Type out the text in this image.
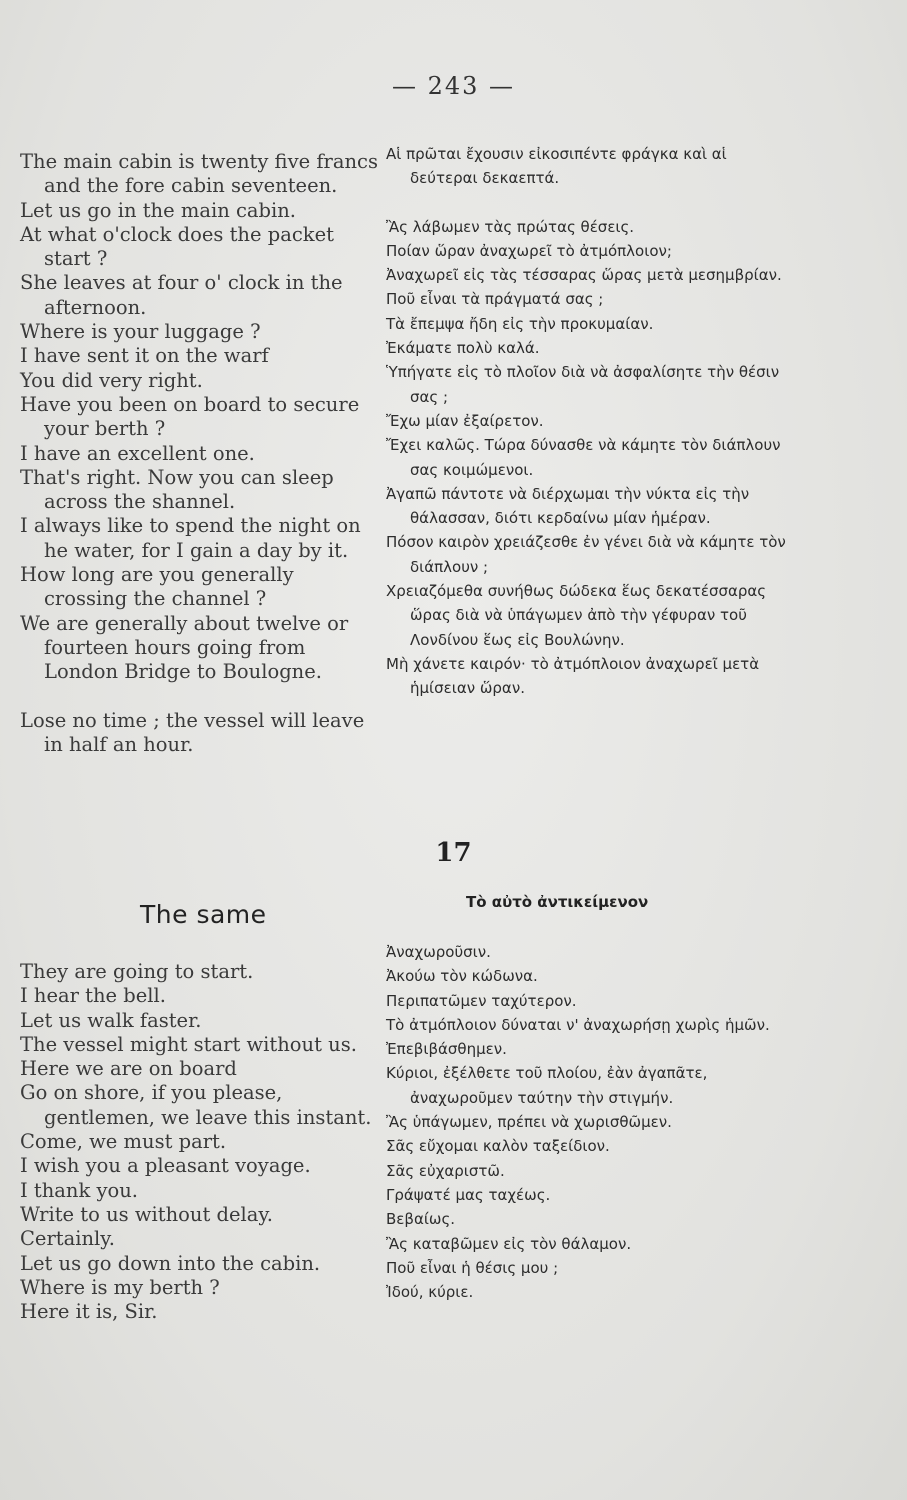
— 243 —
The main cabin is twenty five francs and the fore cabin seventeen.
Let us go in the main cabin.
At what o'clock does the packet start ?
She leaves at four o' clock in the afternoon.
Where is your luggage ?
I have sent it on the warf
You did very right.
Have you been on board to secure your berth ?
I have an excellent one.
That's right. Now you can sleep across the shannel.
I always like to spend the night on he water, for I gain a day by it.
How long are you generally crossing the channel ?
We are generally about twelve or fourteen hours going from London Bridge to Boulogne.
Lose no time ; the vessel will leave in half an hour.
Αἱ πρῶται ἔχουσιν εἰκοσιπέντε φράγκα καὶ αἱ δεύτεραι δεκαεπτά.
Ἂς λάβωμεν τὰς πρώτας θέσεις.
Ποίαν ὥραν ἀναχωρεῖ τὸ ἀτμόπλοιον;
Ἀναχωρεῖ εἰς τὰς τέσσαρας ὥρας μετὰ μεσημβρίαν.
Ποῦ εἶναι τὰ πράγματά σας ;
Τὰ ἔπεμψα ἤδη εἰς τὴν προκυμαίαν.
Ἐκάματε πολὺ καλά.
Ὑπήγατε εἰς τὸ πλοῖον διὰ νὰ ἀσφαλίσητε τὴν θέσιν σας ;
Ἔχω μίαν ἐξαίρετον.
Ἔχει καλῶς. Τώρα δύνασθε νὰ κάμητε τὸν διάπλουν σας κοιμώμενοι.
Ἀγαπῶ πάντοτε νὰ διέρχωμαι τὴν νύκτα εἰς τὴν θάλασσαν, διότι κερδαίνω μίαν ἡμέραν.
Πόσον καιρὸν χρειάζεσθε ἐν γένει διὰ νὰ κάμητε τὸν διάπλουν ;
Χρειαζόμεθα συνήθως δώδεκα ἕως δεκατέσσαρας ὥρας διὰ νὰ ὑπάγωμεν ἀπὸ τὴν γέφυραν τοῦ Λονδίνου ἕως εἰς Βουλώνην.
Μὴ χάνετε καιρόν· τὸ ἀτμόπλοιον ἀναχωρεῖ μετὰ ἡμίσειαν ὥραν.
17
The same	Τὸ αὐτὸ ἀντικείμενον
They are going to start.
I hear the bell.
Let us walk faster.
The vessel might start without us.
Here we are on board
Go on shore, if you please, gentlemen, we leave this instant.
Come, we must part.
I wish you a pleasant voyage.
I thank you.
Write to us without delay.
Certainly.
Let us go down into the cabin.
Where is my berth ?
Here it is, Sir.
Ἀναχωροῦσιν.
Ἀκούω τὸν κώδωνα.
Περιπατῶμεν ταχύτερον.
Τὸ ἀτμόπλοιον δύναται ν' ἀναχωρήσῃ χωρὶς ἡμῶν.
Ἐπεβιβάσθημεν.
Κύριοι, ἐξέλθετε τοῦ πλοίου, ἐὰν ἀγαπᾶτε, ἀναχωροῦμεν ταύτην τὴν στιγμήν.
Ἂς ὑπάγωμεν, πρέπει νὰ χωρισθῶμεν.
Σᾶς εὔχομαι καλὸν ταξείδιον.
Σᾶς εὐχαριστῶ.
Γράψατέ μας ταχέως.
Βεβαίως.
Ἂς καταβῶμεν εἰς τὸν θάλαμον.
Ποῦ εἶναι ἡ θέσις μου ;
Ἰδού, κύριε.
